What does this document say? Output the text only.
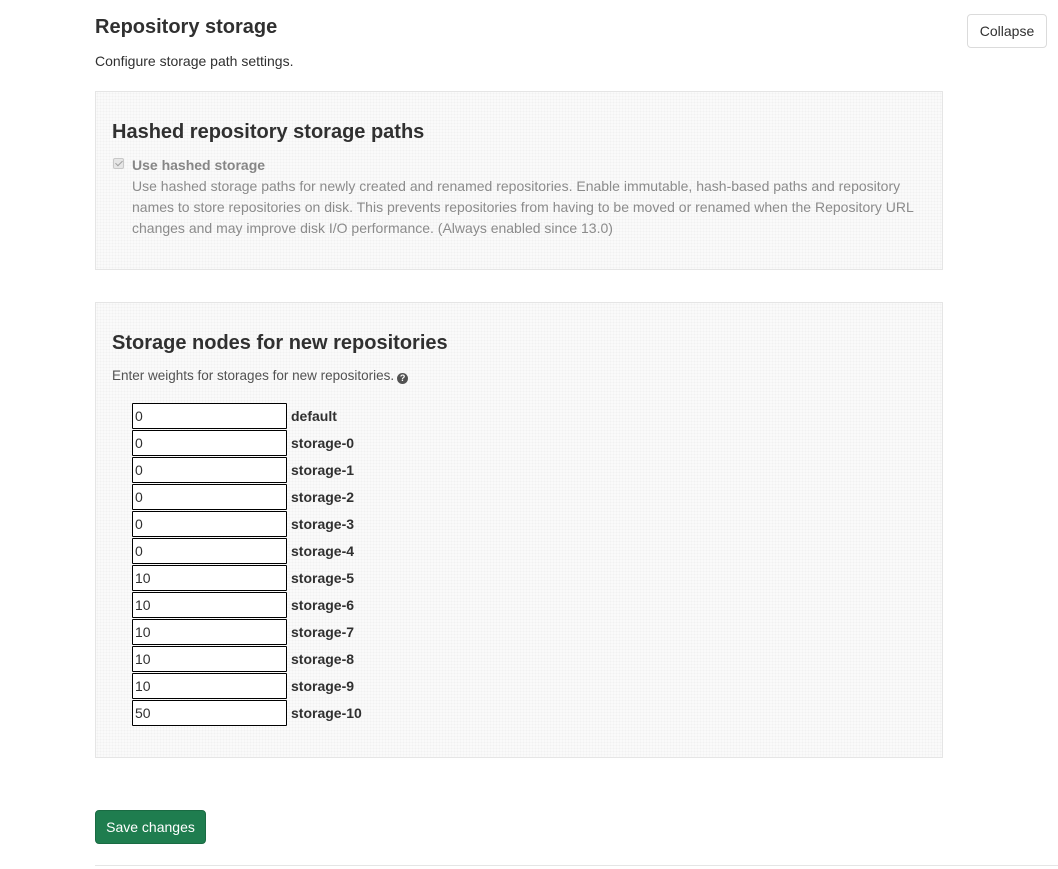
Repository storage

Configure storage path settings.

Collapse
Hashed repository storage paths
Use hashed storage

Use hashed storage paths for newly created and renamed repositories. Enable immutable, hash-based paths and repository names to store repositories on disk. This prevents repositories from having to be moved or renamed when the Repository URL changes and may improve disk I/O performance. (Always enabled since 13.0)

Storage nodes for new repositories

Enter weights for storages for new repositories. ?

0
default
0
storage-0
0
storage-1
0
storage-2
0
storage-3
0
storage-4
10
storage-5
10
storage-6
10
storage-7
10
storage-8
10
storage-9
50
storage-10
Save changes
